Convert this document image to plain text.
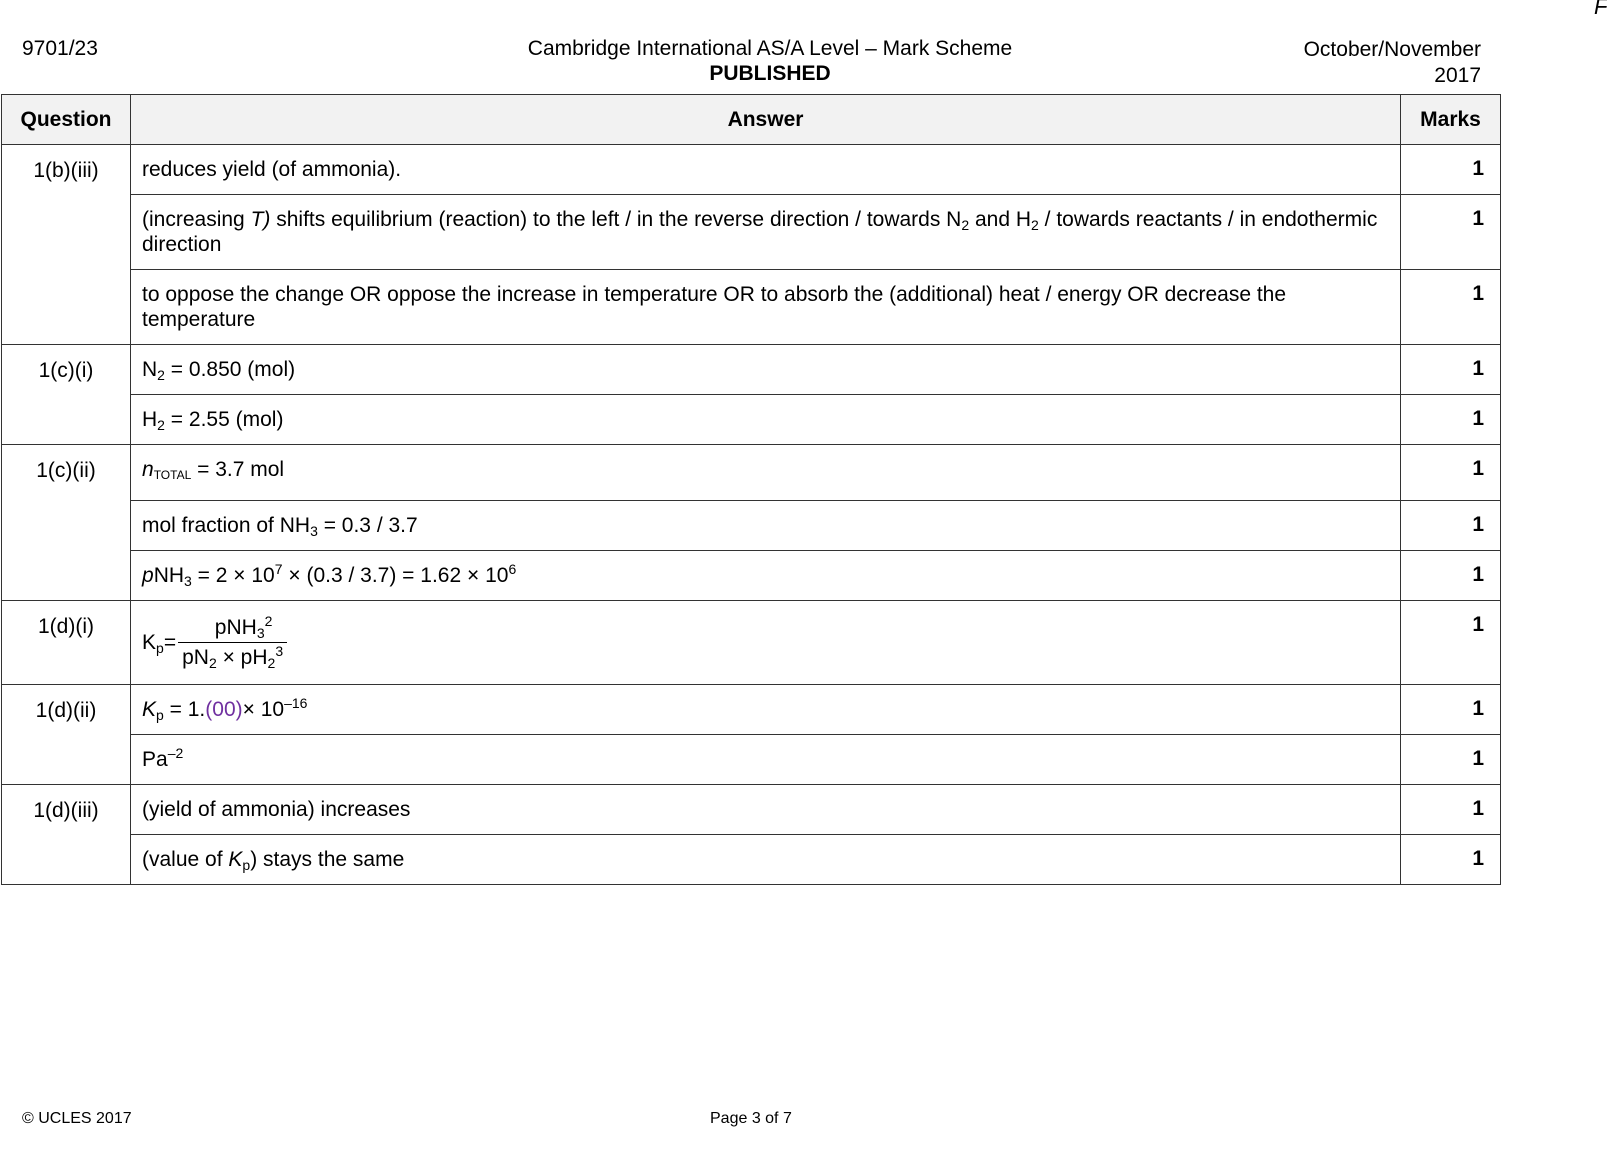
9701/23	Cambridge International AS/A Level – Mark Scheme
PUBLISHED
October/November
2017
F
Question	Answer	Marks
1(b)(iii)	reduces yield (of ammonia).	1
	(increasing T) shifts equilibrium (reaction) to the left / in the reverse direction / towards $N_2$ and $H_2$ / towards reactants / in endothermic direction	1
	to oppose the change OR oppose the increase in temperature OR to absorb the (additional) heat / energy OR decrease the temperature	1
1(c)(i)	$N_2 = 0.850$ (mol)	1
	$H_2 = 2.55$ (mol)	1
1(c)(ii)	nTOTAL = 3.7 mol	1
	mol fraction of $NH_3 = 0.3 / 3.7$	1
	$pNH_3 = 2 \times 10^7 \times (0.3 / 3.7) = 1.62 \times 10^6$	1
1(d)(i)	$K_p= \frac{pNH_3^2}{pN_2 \times pH_2^3}$	1
1(d)(ii)	$K_p = 1.(00)\times 10^{-16}$	1
	$Pa^{-2}$	1
1(d)(iii)	(yield of ammonia) increases	1
	(value of $K_p$) stays the same	1
© UCLES 2017	Page 3 of 7
